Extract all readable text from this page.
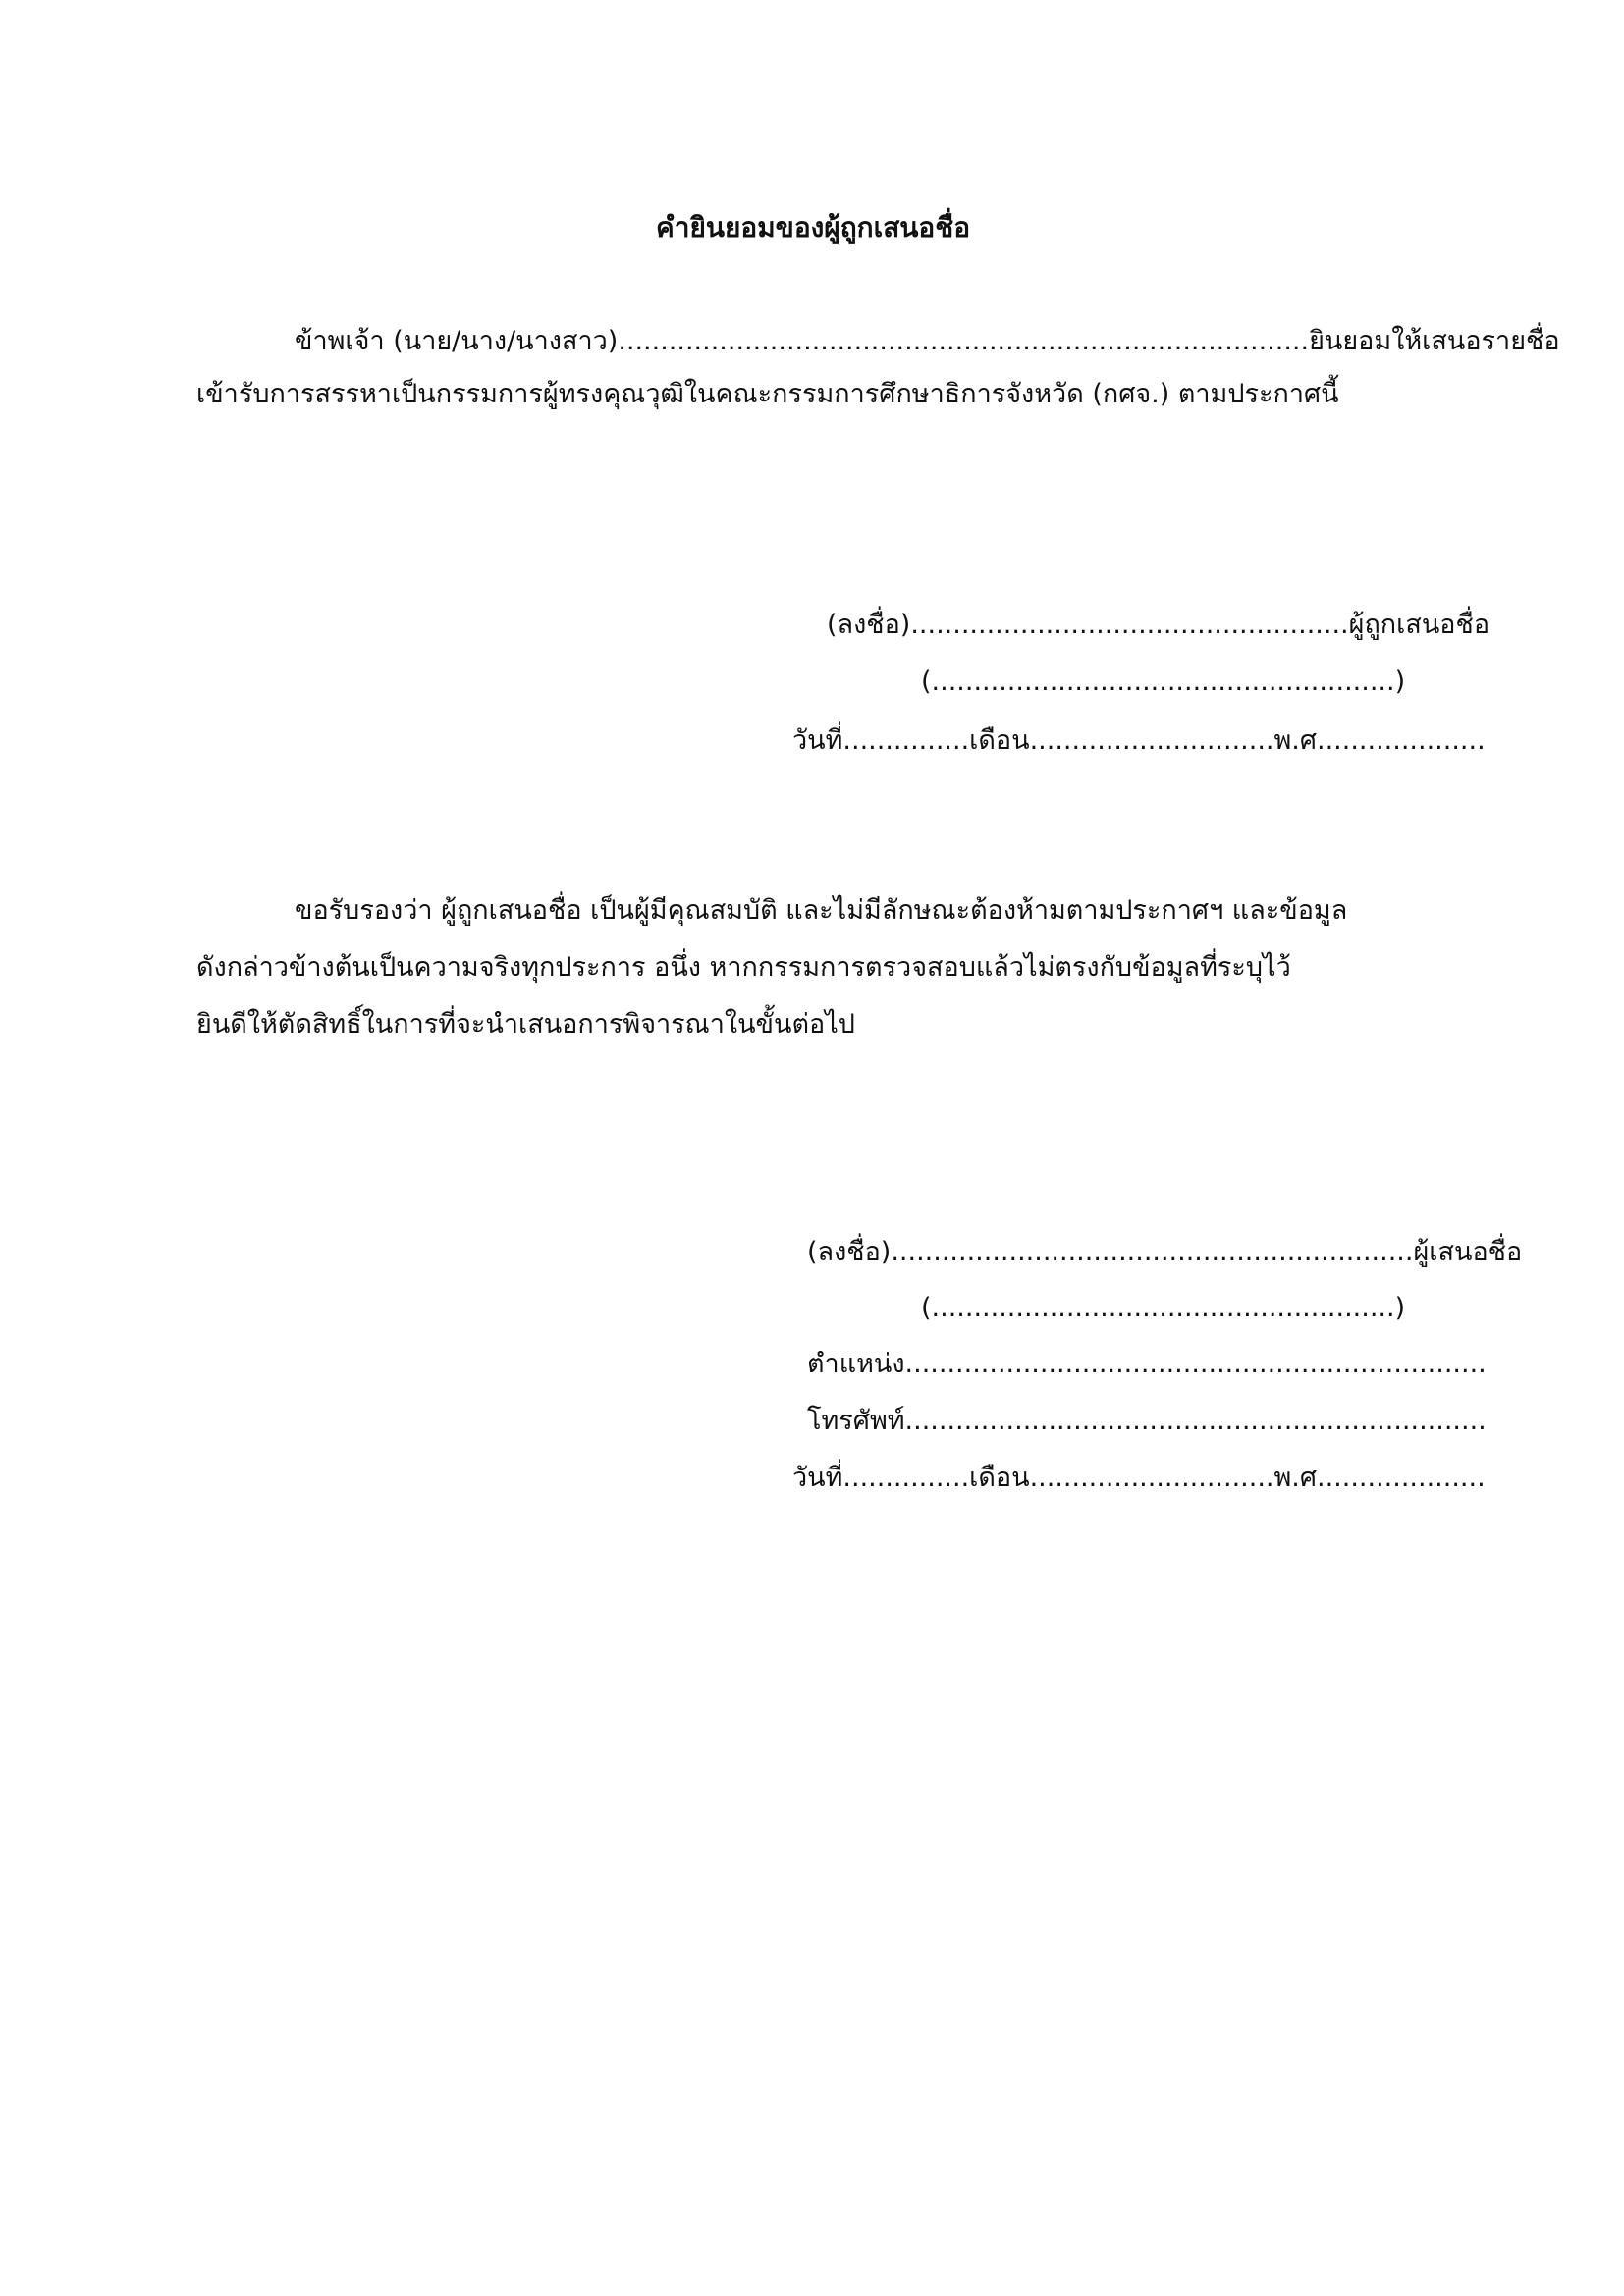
คำยินยอมของผู้ถูกเสนอชื่อ
ข้าพเจ้า (นาย/นาง/นางสาว)..................................................................................ยินยอมให้เสนอรายชื่อ
เข้ารับการสรรหาเป็นกรรมการผู้ทรงคุณวุฒิในคณะกรรมการศึกษาธิการจังหวัด (กศจ.) ตามประกาศนี้
(ลงชื่อ)....................................................ผู้ถูกเสนอชื่อ
(.......................................................)
วันที่...............เดือน.............................พ.ศ....................
ขอรับรองว่า ผู้ถูกเสนอชื่อ เป็นผู้มีคุณสมบัติ และไม่มีลักษณะต้องห้ามตามประกาศฯ และข้อมูล
ดังกล่าวข้างต้นเป็นความจริงทุกประการ อนึ่ง หากกรรมการตรวจสอบแล้วไม่ตรงกับข้อมูลที่ระบุไว้
ยินดีให้ตัดสิทธิ์ในการที่จะนำเสนอการพิจารณาในขั้นต่อไป
(ลงชื่อ)..............................................................ผู้เสนอชื่อ
(.......................................................)
ตำแหน่ง.....................................................................
โทรศัพท์.....................................................................
วันที่...............เดือน.............................พ.ศ....................
